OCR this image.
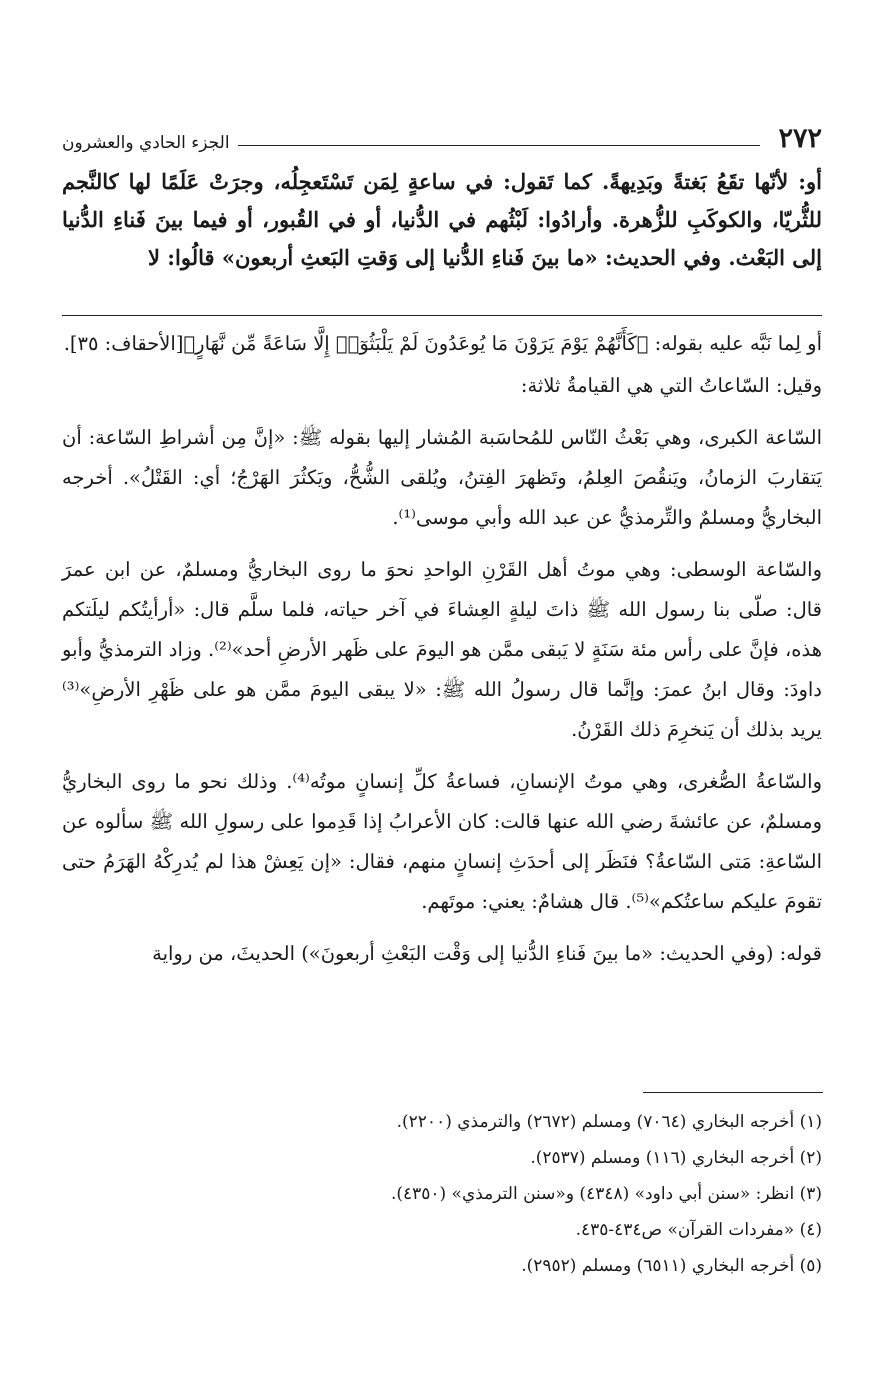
٢٧٢
الجزء الحادي والعشرون

أو: لأنّها تقَعُ بَغتةً وبَدِيهةً. كما تَقول: في ساعةٍ لِمَن تَسْتَعجِلُه، وجرَتْ عَلَمًا لها كالنَّجم للثُّريّا، والكوكَبِ للزُّهرة. وأرادُوا: لَبْثُهم في الدُّنيا، أو في القُبور، أو فيما بينَ فَناءِ الدُّنيا إلى البَعْث. وفي الحديث: «ما بينَ فَناءِ الدُّنيا إلى وَقتِ البَعثِ أربعون» قالُوا: لا

أو لِما نَبَّه عليه بقوله: ﴿كَأَنَّهُمْ يَوْمَ يَرَوْنَ مَا يُوعَدُونَ لَمْ يَلْبَثُوٓا۟ إِلَّا سَاعَةً مِّن نَّهَارٍ﴾[الأحقاف: ٣٥].

وقيل: السّاعاتُ التي هي القيامةُ ثلاثة:

السّاعة الكبرى، وهي بَعْثُ النّاس للمُحاسَبة المُشار إليها بقوله ﷺ: «إنَّ مِن أشراطِ السّاعة: أن يَتقاربَ الزمانُ، ويَنقُصَ العِلمُ، وتَظهرَ الفِتنُ، ويُلقى الشُّحُّ، ويَكثُرَ الهَرْجُ؛ أي: القَتْلُ». أخرجه البخاريُّ ومسلمٌ والتِّرمذيُّ عن عبد الله وأبي موسى⁽¹⁾.

والسّاعة الوسطى: وهي موتُ أهل القَرْنِ الواحدِ نحوَ ما روى البخاريُّ ومسلمٌ، عن ابن عمرَ قال: صلّى بنا رسول الله ﷺ ذاتَ ليلةٍ العِشاءَ في آخر حياته، فلما سلَّم قال: «أرأيتُكم ليلَتكم هذه، فإنَّ على رأس مئة سَنَةٍ لا يَبقى ممَّن هو اليومَ على ظَهر الأرضِ أحد»⁽²⁾. وزاد الترمذيُّ وأبو داودَ: وقال ابنُ عمرَ: وإنَّما قال رسولُ الله ﷺ: «لا يبقى اليومَ ممَّن هو على ظَهْرِ الأرضِ»⁽³⁾ يريد بذلك أن يَنخرِمَ ذلك القَرْنُ.

والسّاعةُ الصُّغرى، وهي موتُ الإنسانِ، فساعةُ كلِّ إنسانٍ موتُه⁽⁴⁾. وذلك نحو ما روى البخاريُّ ومسلمٌ، عن عائشةَ رضي الله عنها قالت: كان الأعرابُ إذا قَدِموا على رسولِ الله ﷺ سألوه عن السّاعةِ: مَتى السّاعةُ؟ فنَظَر إلى أحدَثِ إنسانٍ منهم، فقال: «إن يَعِشْ هذا لم يُدرِكْهُ الهَرَمُ حتى تقومَ عليكم ساعتُكم»⁽⁵⁾. قال هشامٌ: يعني: موتَهم.

قوله: (وفي الحديث: «ما بينَ فَناءِ الدُّنيا إلى وَقْت البَعْثِ أربعونَ») الحديثَ، من رواية

(١) أخرجه البخاري (٧٠٦٤) ومسلم (٢٦٧٢) والترمذي (٢٢٠٠).

(٢) أخرجه البخاري (١١٦) ومسلم (٢٥٣٧).

(٣) انظر: «سنن أبي داود» (٤٣٤٨) و«سنن الترمذي» (٤٣٥٠).

(٤) «مفردات القرآن» ص٤٣٤-٤٣٥.

(٥) أخرجه البخاري (٦٥١١) ومسلم (٢٩٥٢).
